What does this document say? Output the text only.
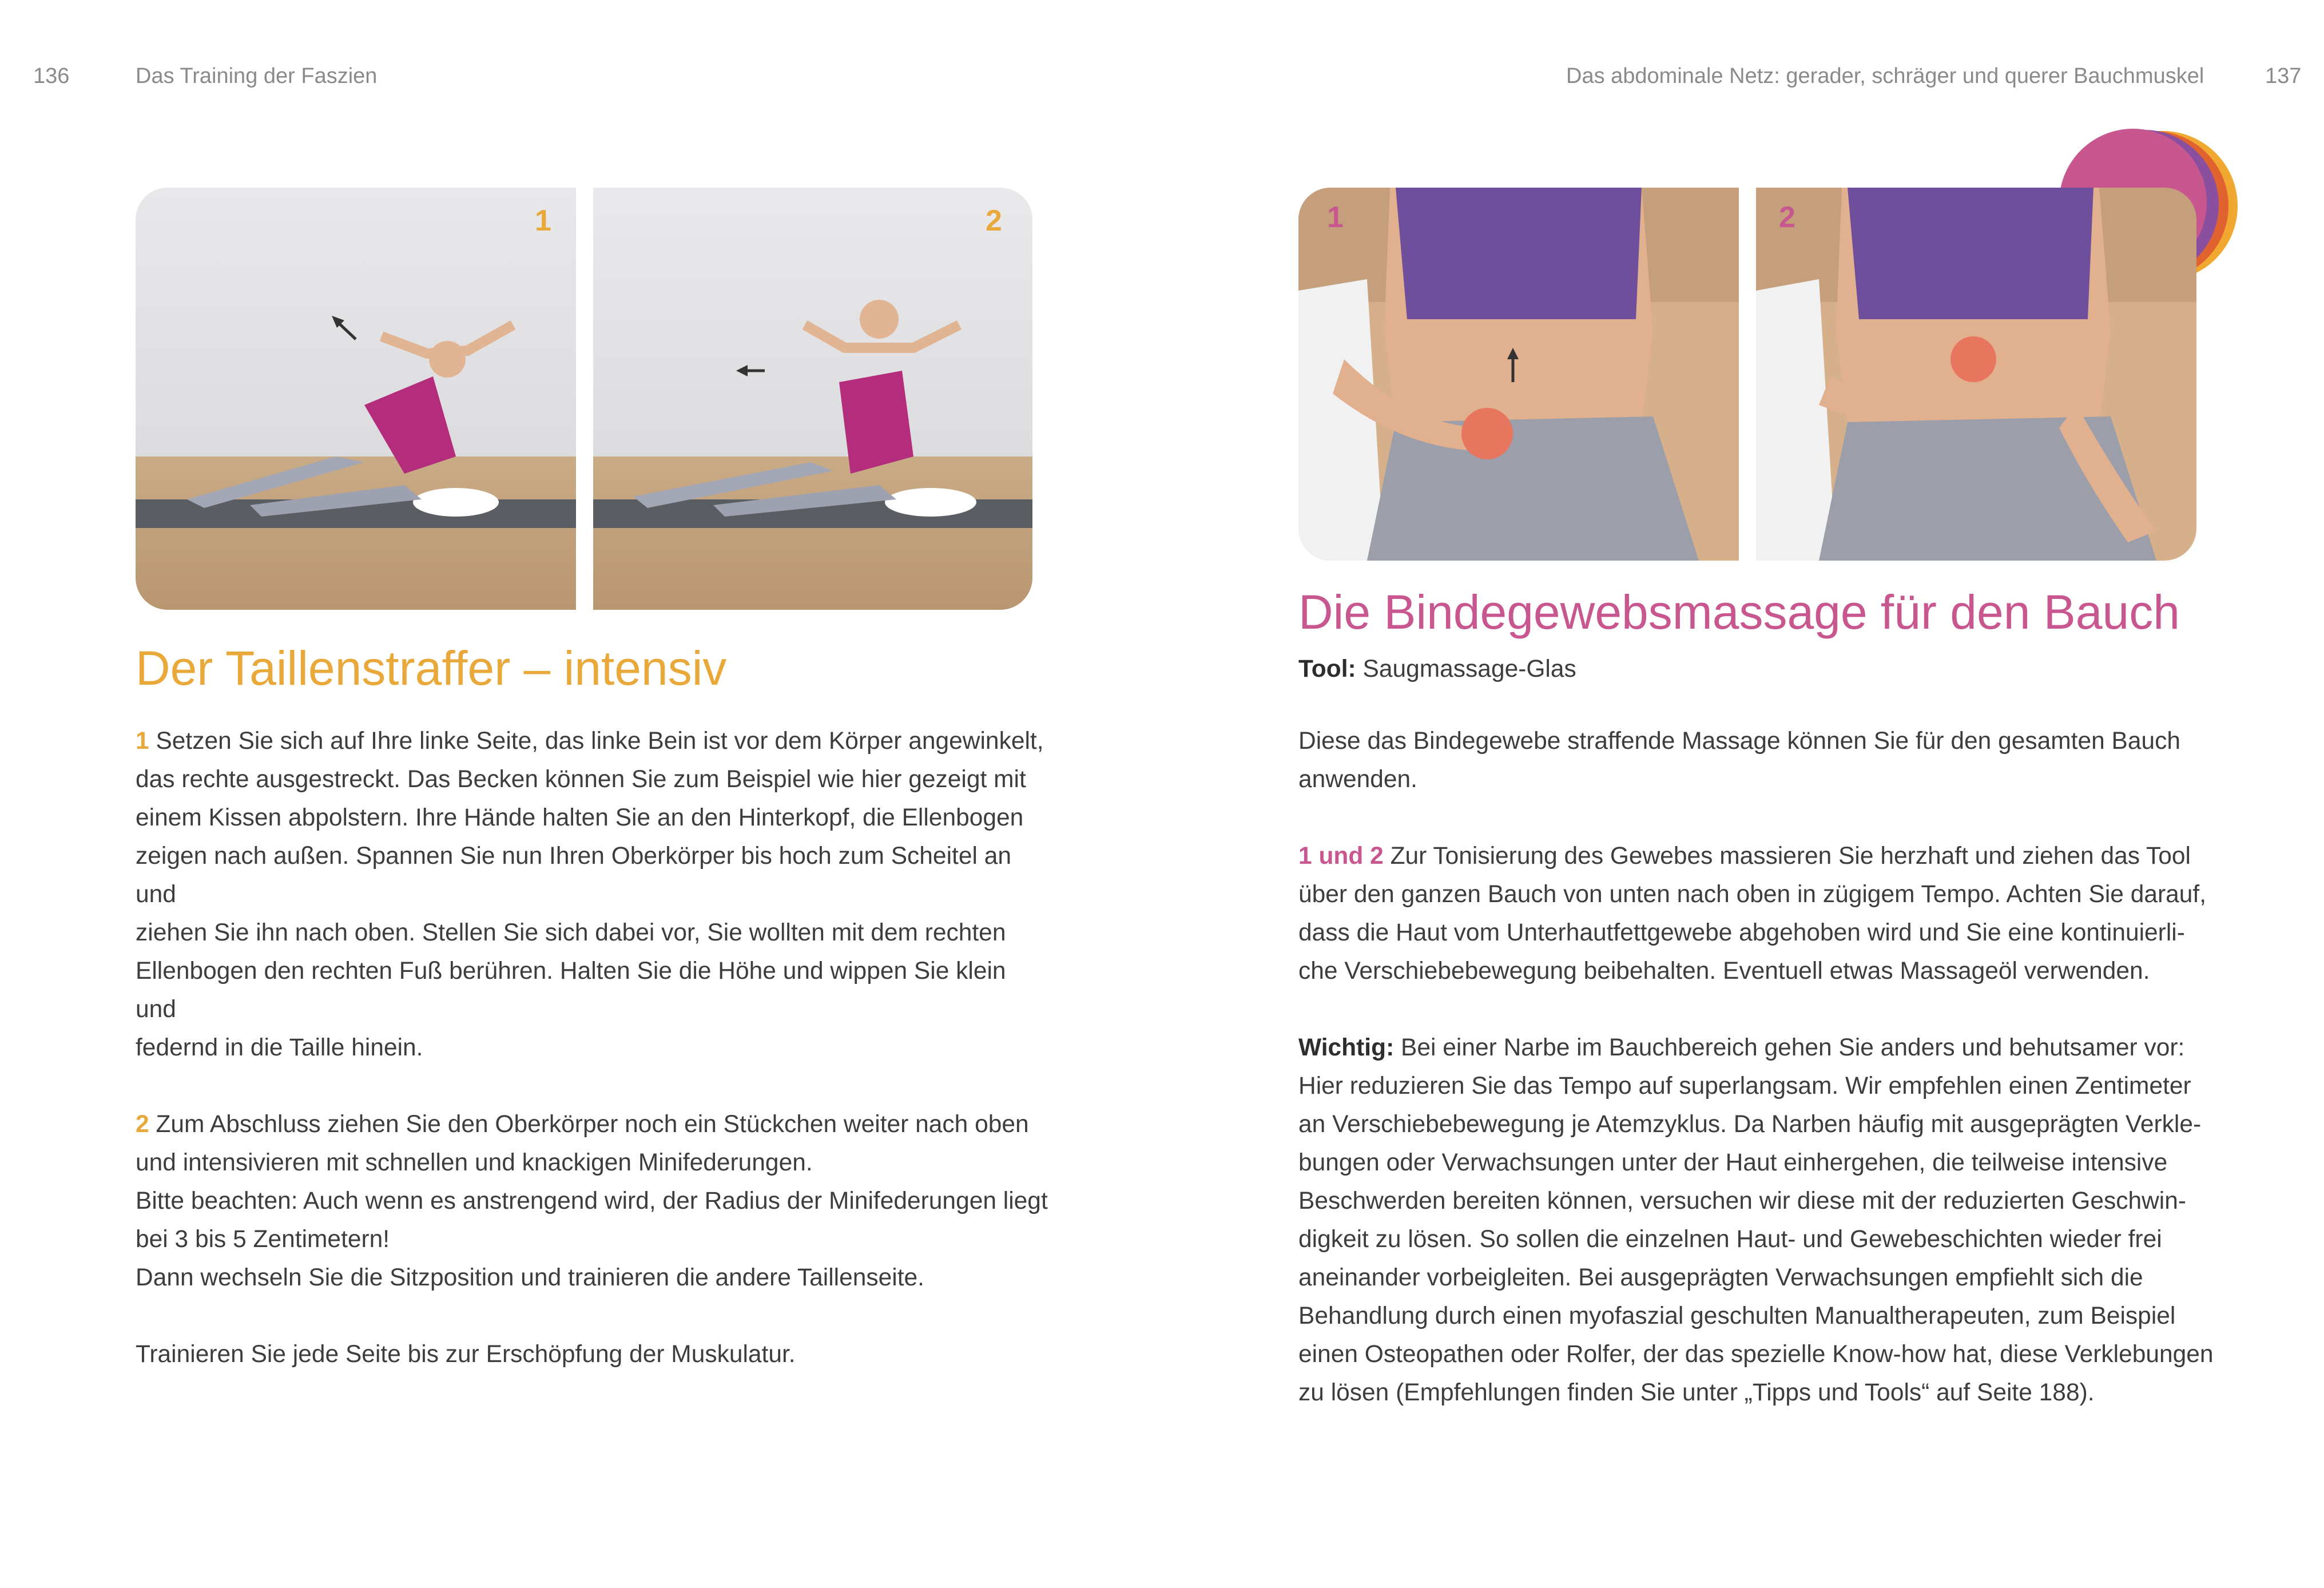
136	Das Training der Faszien
1	2
Der Taillenstraffer – intensiv

1 Setzen Sie sich auf Ihre linke Seite, das linke Bein ist vor dem Körper angewinkelt,

das rechte ausgestreckt. Das Becken können Sie zum Beispiel wie hier gezeigt mit

einem Kissen abpolstern. Ihre Hände halten Sie an den Hinterkopf, die Ellenbogen

zeigen nach außen. Spannen Sie nun Ihren Oberkörper bis hoch zum Scheitel an und

ziehen Sie ihn nach oben. Stellen Sie sich dabei vor, Sie wollten mit dem rechten

Ellenbogen den rechten Fuß berühren. Halten Sie die Höhe und wippen Sie klein und

federnd in die Taille hinein.

2 Zum Abschluss ziehen Sie den Oberkörper noch ein Stückchen weiter nach oben

und intensivieren mit schnellen und knackigen Minifederungen.

Bitte beachten: Auch wenn es anstrengend wird, der Radius der Minifederungen liegt

bei 3 bis 5 Zentimetern!

Dann wechseln Sie die Sitzposition und trainieren die andere Taillenseite.

Trainieren Sie jede Seite bis zur Erschöpfung der Muskulatur.

Das abdominale Netz: gerader, schräger und querer Bauchmuskel	137
1	2
Die Bindegewebsmassage für den Bauch

Tool: Saugmassage-Glas

Diese das Bindegewebe straffende Massage können Sie für den gesamten Bauch

anwenden.

1 und 2 Zur Tonisierung des Gewebes massieren Sie herzhaft und ziehen das Tool

über den ganzen Bauch von unten nach oben in zügigem Tempo. Achten Sie darauf,

dass die Haut vom Unterhautfettgewebe abgehoben wird und Sie eine kontinuierli-

che Verschiebebewegung beibehalten. Eventuell etwas Massageöl verwenden.

Wichtig: Bei einer Narbe im Bauchbereich gehen Sie anders und behutsamer vor:

Hier reduzieren Sie das Tempo auf superlangsam. Wir empfehlen einen Zentimeter

an Verschiebebewegung je Atemzyklus. Da Narben häufig mit ausgeprägten Verkle-

bungen oder Verwachsungen unter der Haut einhergehen, die teilweise intensive

Beschwerden bereiten können, versuchen wir diese mit der reduzierten Geschwin-

digkeit zu lösen. So sollen die einzelnen Haut- und Gewebeschichten wieder frei

aneinander vorbeigleiten. Bei ausgeprägten Verwachsungen empfiehlt sich die

Behandlung durch einen myofaszial geschulten Manualtherapeuten, zum Beispiel

einen Osteopathen oder Rolfer, der das spezielle Know-how hat, diese Verklebungen

zu lösen (Empfehlungen finden Sie unter „Tipps und Tools“ auf Seite 188).
